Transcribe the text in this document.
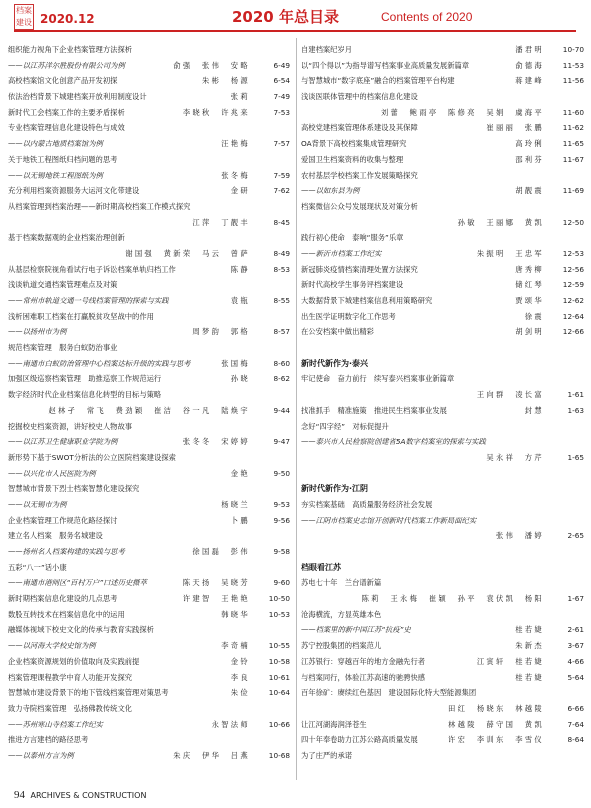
档案建设 2020.12	2020 年总目录	Contents of 2020
组织能力视角下企业档案管理方法探析
——以江苏洋尔胜股份有限公司为例	俞强　张伟　安略	6-49
高校档案馆文化创意产品开发初探	朱彬　杨源	6-54
依法治档背景下城建档案开放利用制度设计	张莉	7-49
新时代工会档案工作的主要矛盾探析	李晓秋　许兆来	7-53
专业档案管理信息化建设特色与成效
——以内蒙古地质档案馆为例	汪艳梅	7-57
关于地铁工程图纸归档问题的思考
——以无锡地铁工程图纸为例	张冬梅	7-59
充分利用档案资源服务大运河文化带建设	金研	7-62
从档案管理到档案治理——新时期高校档案工作模式探究
江萍　丁靓丰	8-45
基于档案数据观的企业档案治理创新
谢国强　黄新荣　马云　曾萨	8-49
从基层检察院视角看试行电子诉讼档案单轨归档工作	陈静	8-53
浅谈轨道交通档案管理难点及对策
——常州市轨道交通一号线档案管理的探索与实践	袁瓶	8-55
浅析困难职工档案在打赢脱贫攻坚战中的作用
——以扬州市为例	周梦韵　郭格	8-57
规范档案管理　服务白蚁防治事业
——南通市白蚁防治管理中心档案达标升级的实践与思考	张国梅	8-60
加强区级巡察档案管理　助推巡察工作规范运行	孙晓	8-62
数字经济时代企业档案信息化转型的目标与策略
赵林孑　常飞　费劲颖　崔洁　谷一凡　陆焕宇	9-44
挖掘校史档案资源，讲好校史人物故事
——以江苏卫生健康职业学院为例	张冬冬　宋婷婷	9-47
新形势下基于SWOT分析法的公立医院档案建设探索
——以兴化市人民医院为例	金艳	9-50
智慧城市背景下烈士档案智慧化建设探究
——以无锡市为例	杨晓兰	9-53
企业档案管理工作规范化路径探讨	卜鹏	9-56
建立名人档案　服务名城建设
——扬州名人档案构建的实践与思考	徐国磊　彭伟	9-58
五彩“八一”话小康
——南通市港闸区“百村万户”口述历史摄萃	陈天扬　吴晓芳	9-60
新时期档案信息化建设的几点思考	许建智　王艳艳	10-50
数股互转技术在档案信息化中的运用	韩晓华	10-53
融媒体视域下校史文化的传承与教育实践探析
——以河海大学校史馆为例	李奇楠	10-55
企业档案资源规划的价值取向及实践前提	金铃	10-58
档案管理课程教学中育人功能开发探究	李良	10-61
智慧城市建设背景下的地下管线档案管理对策思考	朱俭	10-64
致力寺院档案管理　弘扬佛教传统文化
——苏州寒山寺档案工作纪实	永智法师	10-66
推进方言建档的路径思考
——以泰州方言为例	朱庆　伊华　吕燕	10-68
自建档案纪岁月	潘君明	10-70
以“四个得以”为指导谱写档案事业高质量发展新篇章	俞德海	11-53
与智慧城市“数字底座”融合的档案管理平台构建	蒋建峰	11-56
浅谈医联体管理中的档案信息化建设
刘蕾　鲍雨亭　陈修亮　吴娟　虞海平	11-60
高校党建档案管理体系建设及其保障	崔丽丽　张鹏	11-62
OA背景下高校档案集成管理研究	高玲俐	11-65
爱国卫生档案资料的收集与整理	邵利芬	11-67
农村基层学校档案工作发展策略探究
——以如东县为例	胡靓震	11-69
档案微信公众号发展现状及对策分析
孙敏　王丽娜　黄凯	12-50
践行初心使命　泰响“服务”乐章
——新沂市档案工作纪实	朱振明　王忠军	12-53
新冠肺炎疫情档案清理处置方法探究	唐秀柳	12-56
新时代高校学生事务评档案建设	储红琴	12-59
大数据背景下城建档案信息利用策略研究	贾颂华	12-62
出生医学证明数字化工作思考	徐震	12-64
在公安档案中做出精彩	胡剑明	12-66
新时代新作为·泰兴
牢记使命　奋力前行　续写泰兴档案事业新篇章
王向群　凌长富	1-61
找准抓手　精准施策　推进民生档案事业发展	封慧	1-63
念好“四字经”　对标促提升
——泰兴市人民检察院创建省5A数字档案室的探索与实践
吴永祥　方芹	1-65
新时代新作为·江阴
夯实档案基础　高质量服务经济社会发展
——江阴市档案史志馆开创新时代档案工作新局面纪实
张伟　潘婷	2-65
档眼看江苏
苏电七十年　兰台谱新篇
陈莉　王永梅　崔颖　孙平　袁伏凯　杨阳	1-67
沧海横流，方显英雄本色
——档案里的新中国江苏“抗疫”史	桂若婕	2-61
苏宁控股集团的档案范儿	朱新杰	3-67
江苏银行：穿越百年的地方金融先行者	江寅轩　桂若婕	4-66
与档案同行，体验江苏高速的驰骋快感	桂若婕	5-64
百年徐矿：赓续红色基因　建设国际化特大型能源集团
田红　杨晓东　林越陵	6-66
让江河湖海润泽苍生	林越陵　薛守国　黄凯	7-64
四十年奉卷助力江苏公路高质量发展	许宏　李训东　李雪仪	8-64
为了庄严的承诺
94 ARCHIVES & CONSTRUCTION
